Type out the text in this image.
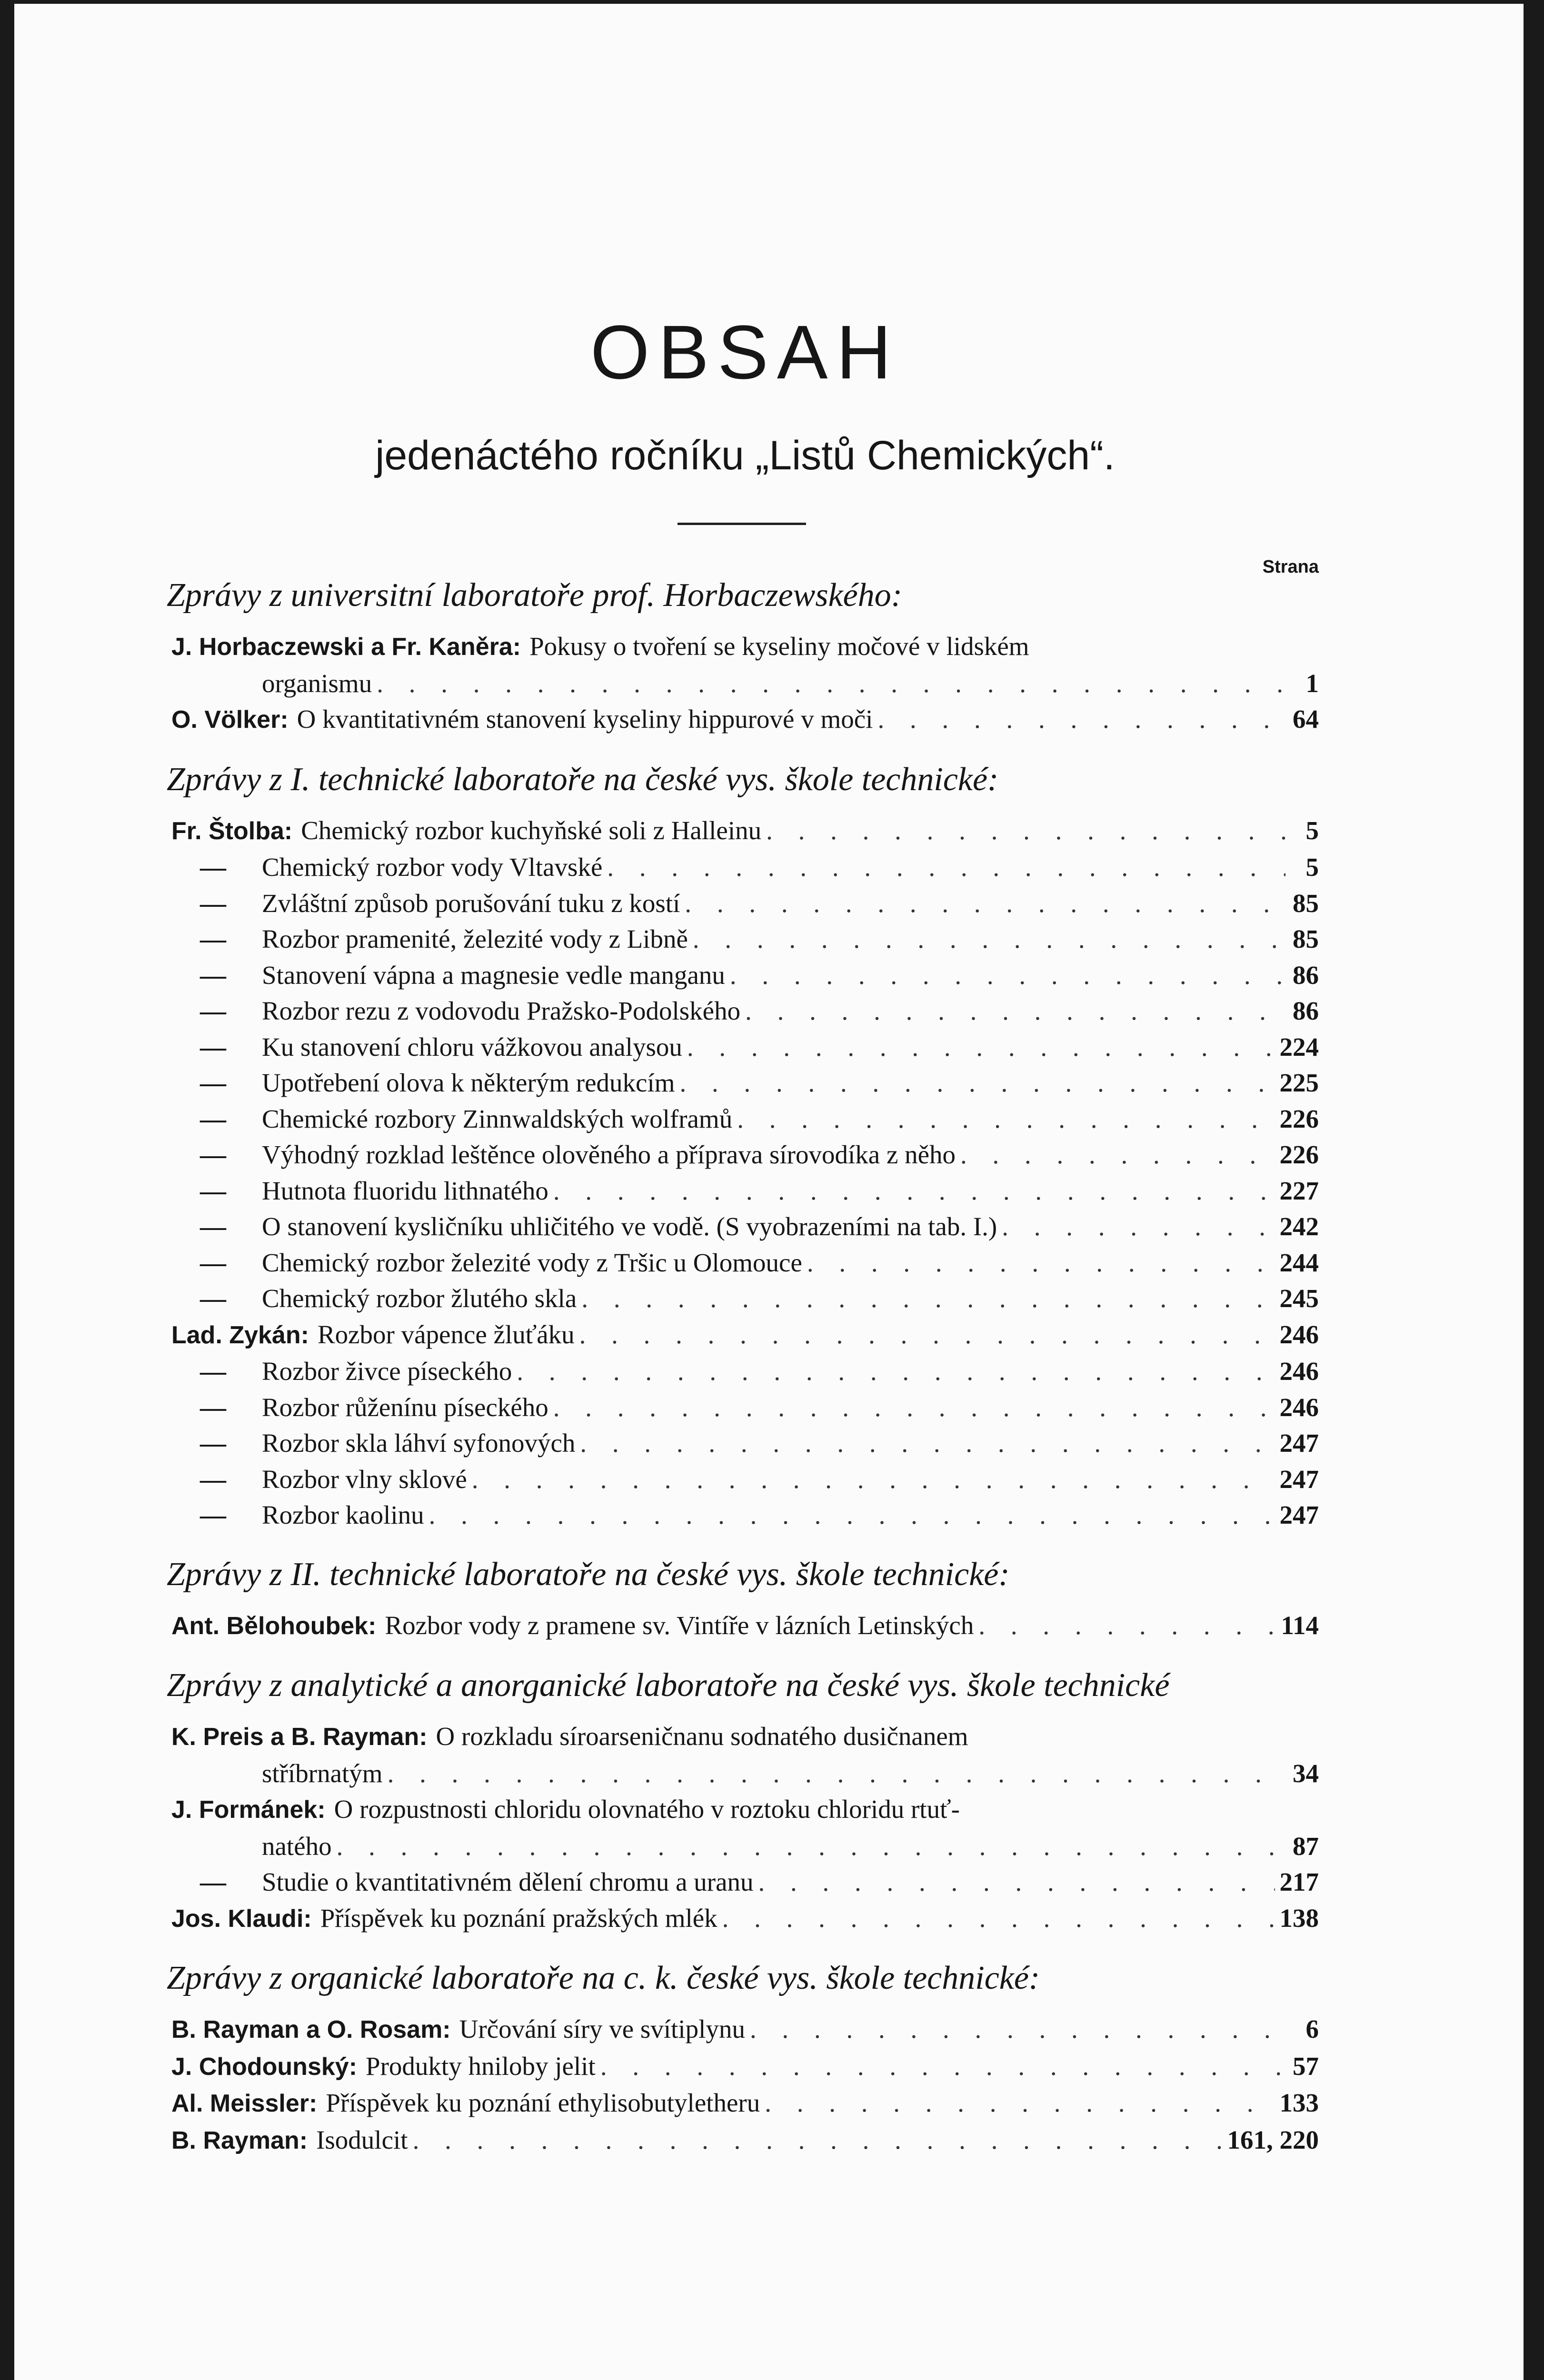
OBSAH
jedenáctého ročníku „Listů Chemických“.
Strana
Zprávy z universitní laboratoře prof. Horbaczewského:
J. Horbaczewski a Fr. Kaněra: Pokusy o tvoření se kyseliny močové v lidském
organismu . . .	1
O. Völker: O kvantitativném stanovení kyseliny hippurové v moči . . .	64
Zprávy z I. technické laboratoře na české vys. škole technické:
Fr. Štolba: Chemický rozbor kuchyňské soli z Halleinu . . .	5
—	Chemický rozbor vody Vltavské . . .	5
—	Zvláštní způsob porušování tuku z kostí . . .	85
—	Rozbor pramenité, železité vody z Libně . . .	85
—	Stanovení vápna a magnesie vedle manganu . . .	86
—	Rozbor rezu z vodovodu Pražsko-Podolského . . .	86
—	Ku stanovení chloru vážkovou analysou . . .	224
—	Upotřebení olova k některým redukcím . . .	225
—	Chemické rozbory Zinnwaldských wolframů . . .	226
—	Výhodný rozklad leštěnce olověného a příprava sírovodíka z něho . . .	226
—	Hutnota fluoridu lithnatého . . .	227
—	O stanovení kysličníku uhličitého ve vodě. (S vyobrazeními na tab. I.) . . .	242
—	Chemický rozbor železité vody z Tršic u Olomouce . . .	244
—	Chemický rozbor žlutého skla . . .	245
Lad. Zykán: Rozbor vápence žluťáku . . .	246
—	Rozbor živce píseckého . . .	246
—	Rozbor růženínu píseckého . . .	246
—	Rozbor skla láhví syfonových . . .	247
—	Rozbor vlny sklové . . .	247
—	Rozbor kaolinu . . .	247
Zprávy z II. technické laboratoře na české vys. škole technické:
Ant. Bělohoubek: Rozbor vody z pramene sv. Vintíře v lázních Letinských . . .	114
Zprávy z analytické a anorganické laboratoře na české vys. škole technické
K. Preis a B. Rayman: O rozkladu síroarseničnanu sodnatého dusičnanem
stříbrnatým . . .	34
J. Formánek: O rozpustnosti chloridu olovnatého v roztoku chloridu rtuť-
natého . . .	87
—	Studie o kvantitativném dělení chromu a uranu . . .	217
Jos. Klaudi: Příspěvek ku poznání pražských mlék . . .	138
Zprávy z organické laboratoře na c. k. české vys. škole technické:
B. Rayman a O. Rosam: Určování síry ve svítiplynu . . .	6
J. Chodounský: Produkty hniloby jelit . . .	57
Al. Meissler: Příspěvek ku poznání ethylisobutyletheru . . .	133
B. Rayman: Isodulcit . . .	161, 220
